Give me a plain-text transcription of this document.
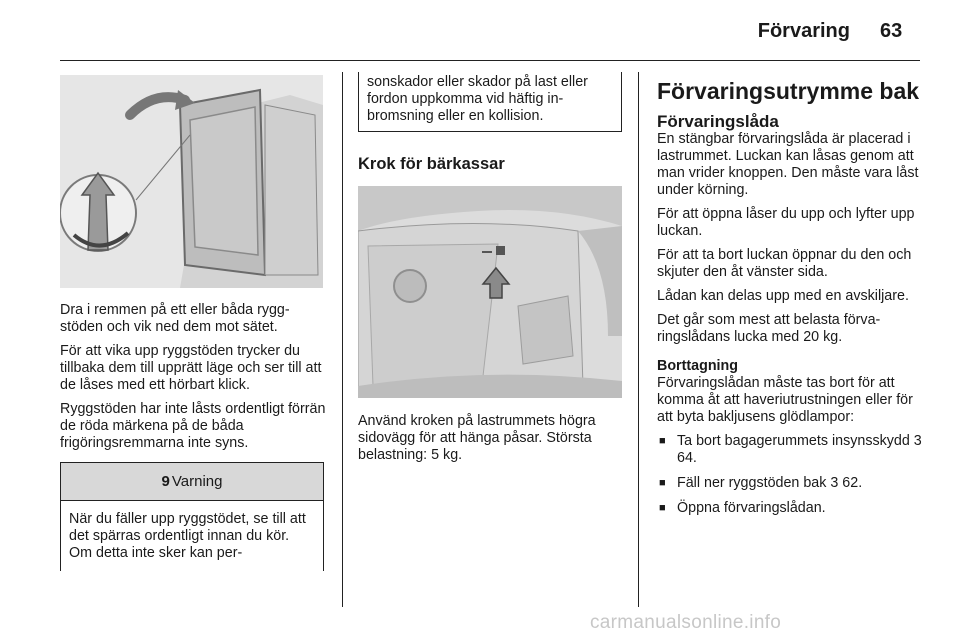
Förvaring 63

Dra i remmen på ett eller båda ryggstöden och vik ned dem mot sätet.

För att vika upp ryggstöden trycker du tillbaka dem till upprätt läge och ser till att de låses med ett hörbart klick.

Ryggstöden har inte låsts ordentligt förrän de röda märkena på de båda frigöringsremmarna inte syns.

9 Varning
När du fäller upp ryggstödet, se till att det spärras ordentligt innan du kör. Om detta inte sker kan per-
sonskador eller skador på last eller fordon uppkomma vid häftig inbromsning eller en kollision.
Krok för bärkassar

Använd kroken på lastrummets högra sidovägg för att hänga påsar. Största belastning: 5 kg.

Förvaringsutrymme bak
Förvaringslåda

En stängbar förvaringslåda är placerad i lastrummet. Luckan kan låsas genom att man vrider knoppen. Den måste vara låst under körning.

För att öppna låser du upp och lyfter upp luckan.

För att ta bort luckan öppnar du den och skjuter den åt vänster sida.

Lådan kan delas upp med en avskiljare.

Det går som mest att belasta förvaringslådans lucka med 20 kg.

Borttagning

Förvaringslådan måste tas bort för att komma åt att haveriutrustningen eller för att byta bakljusens glödlampor:

■ Ta bort bagagerummets insynsskydd 3 64.
■ Fäll ner ryggstöden bak 3 62.
■ Öppna förvaringslådan.
carmanualsonline.info
